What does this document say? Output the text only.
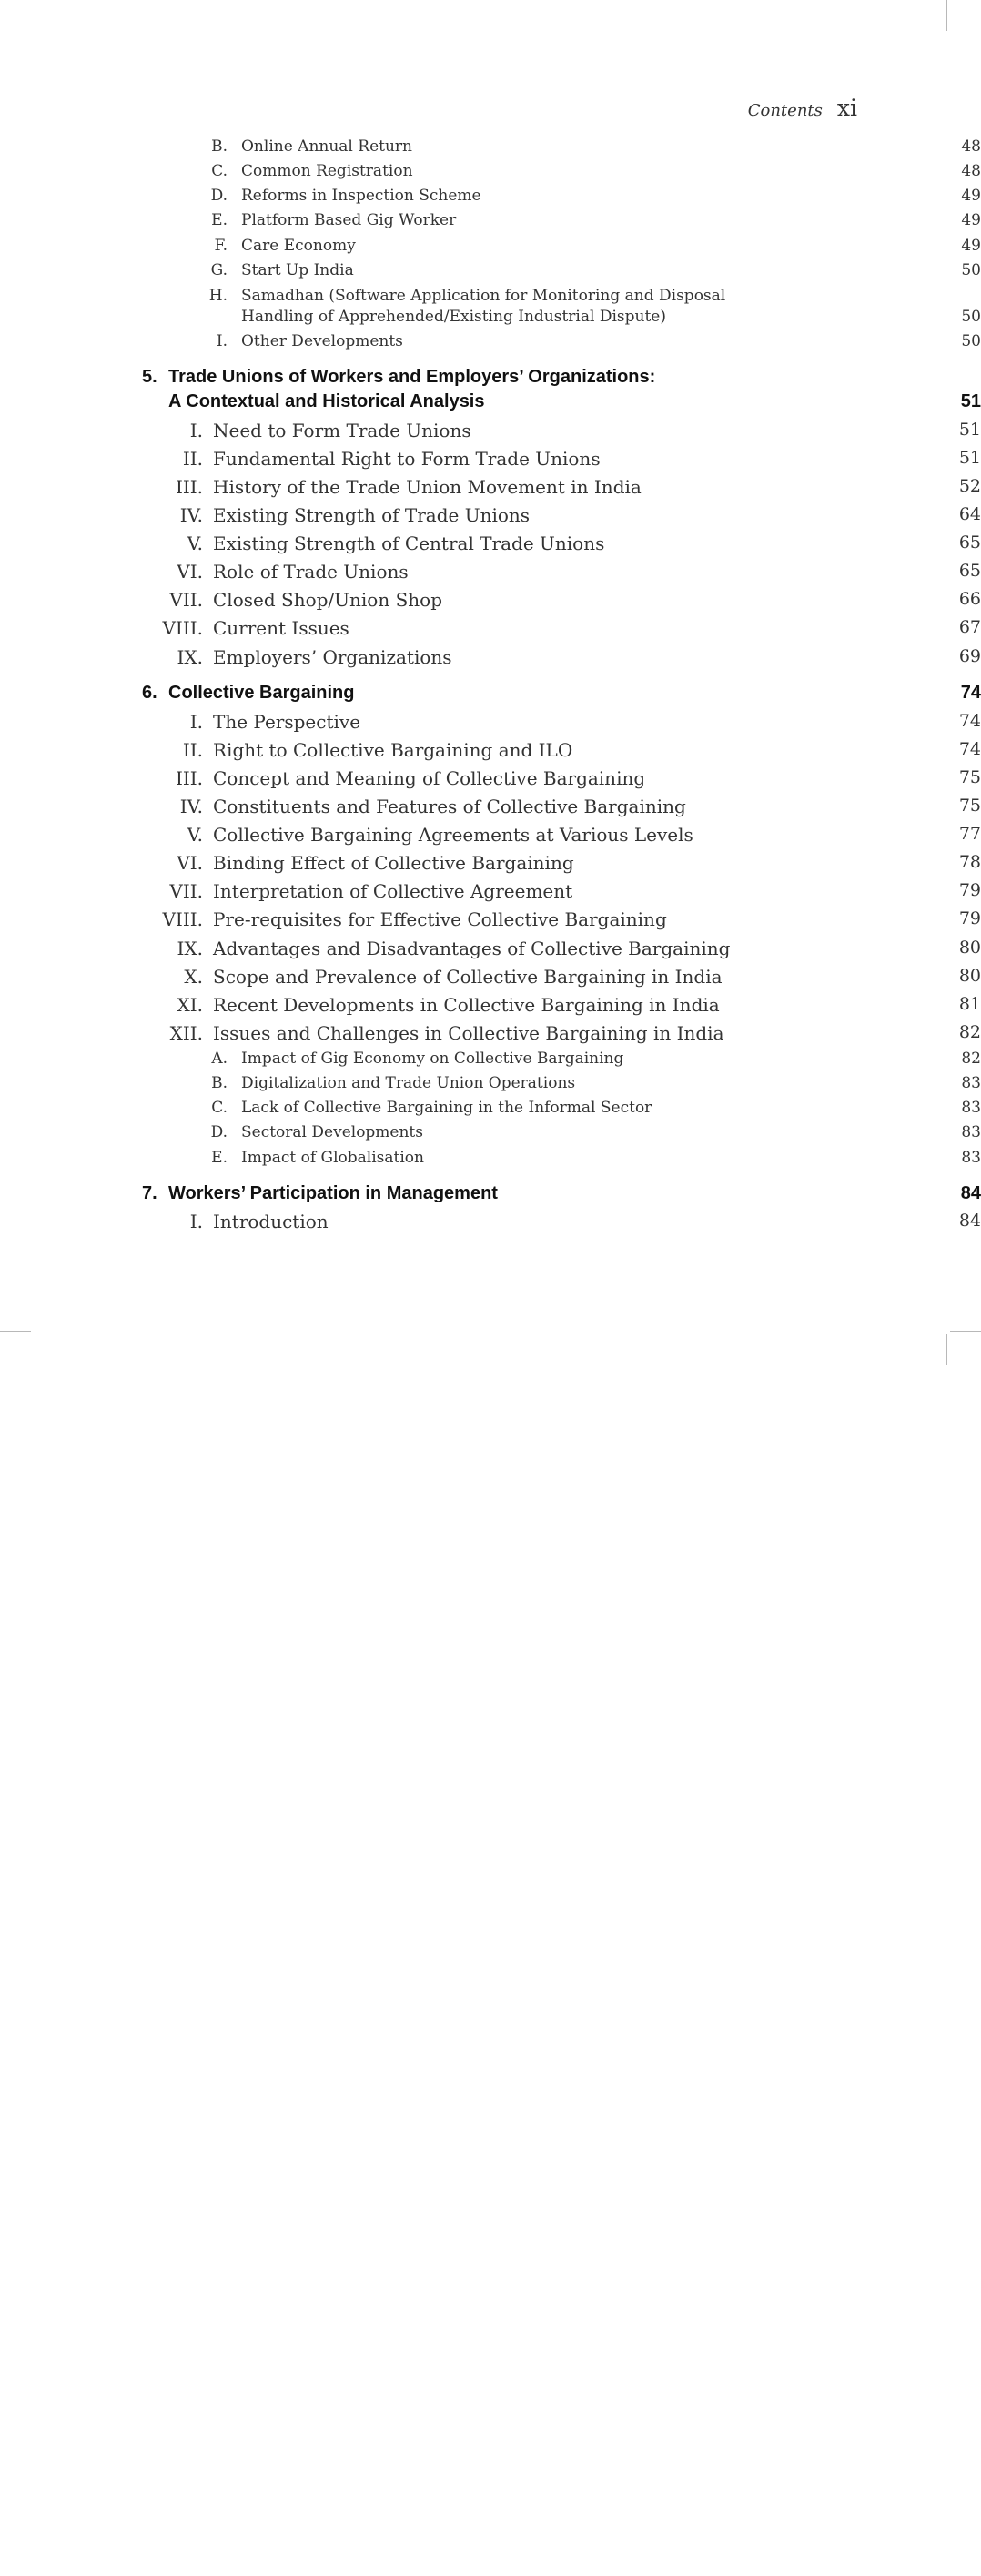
Contents xi
B. Online Annual Return	48
C. Common Registration	48
D. Reforms in Inspection Scheme	49
E. Platform Based Gig Worker	49
F. Care Economy	49
G. Start Up India	50
H. Samadhan (Software Application for Monitoring and Disposal
Handling of Apprehended/Existing Industrial Dispute)	50
I. Other Developments	50
5. Trade Unions of Workers and Employers’ Organizations:
A Contextual and Historical Analysis	51
I. Need to Form Trade Unions	51
II. Fundamental Right to Form Trade Unions	51
III. History of the Trade Union Movement in India	52
IV. Existing Strength of Trade Unions	64
V. Existing Strength of Central Trade Unions	65
VI. Role of Trade Unions	65
VII. Closed Shop/Union Shop	66
VIII. Current Issues	67
IX. Employers’ Organizations	69
6. Collective Bargaining	74
I. The Perspective	74
II. Right to Collective Bargaining and ILO	74
III. Concept and Meaning of Collective Bargaining	75
IV. Constituents and Features of Collective Bargaining	75
V. Collective Bargaining Agreements at Various Levels	77
VI. Binding Effect of Collective Bargaining	78
VII. Interpretation of Collective Agreement	79
VIII. Pre-requisites for Effective Collective Bargaining	79
IX. Advantages and Disadvantages of Collective Bargaining	80
X. Scope and Prevalence of Collective Bargaining in India	80
XI. Recent Developments in Collective Bargaining in India	81
XII. Issues and Challenges in Collective Bargaining in India	82
A. Impact of Gig Economy on Collective Bargaining	82
B. Digitalization and Trade Union Operations	83
C. Lack of Collective Bargaining in the Informal Sector	83
D. Sectoral Developments	83
E. Impact of Globalisation	83
7. Workers’ Participation in Management	84
I. Introduction	84
